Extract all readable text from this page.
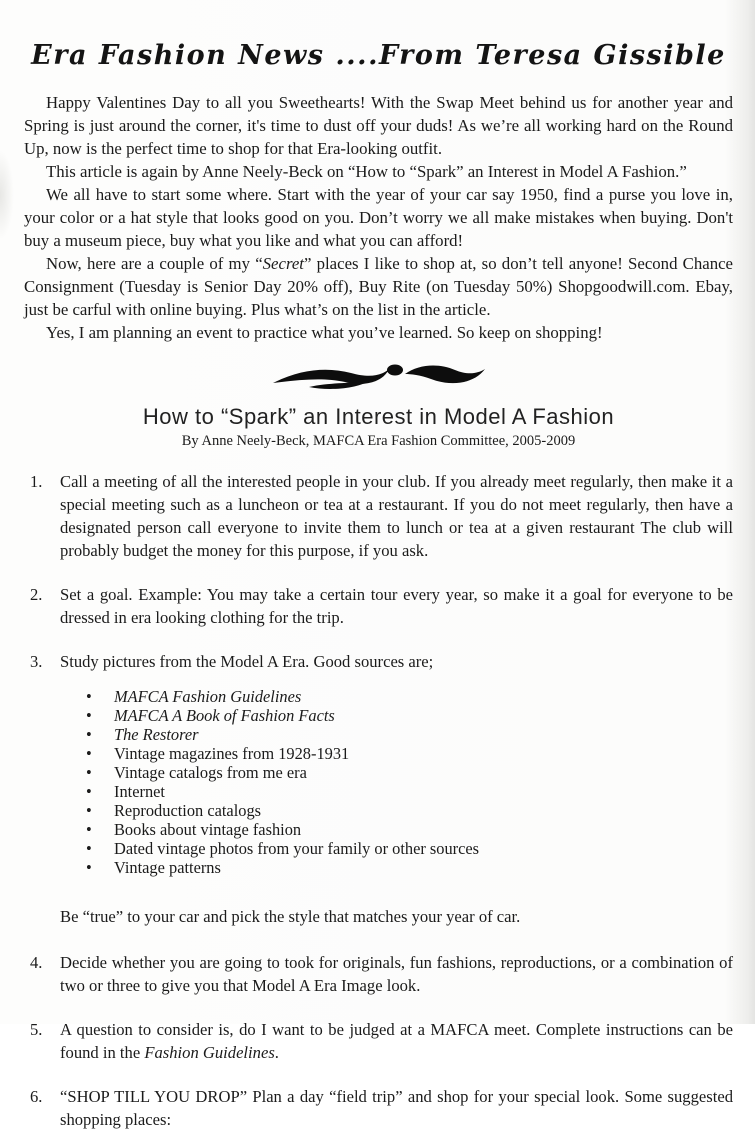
Era Fashion News ....From Teresa Gissible

Happy Valentines Day to all you Sweethearts! With the Swap Meet behind us for another year and Spring is just around the corner, it's time to dust off your duds! As we’re all working hard on the Round Up, now is the perfect time to shop for that Era-looking outfit.

This article is again by Anne Neely-Beck on “How to “Spark” an Interest in Model A Fashion.”

We all have to start some where. Start with the year of your car say 1950, find a purse you love in, your color or a hat style that looks good on you. Don’t worry we all make mistakes when buying. Don't buy a museum piece, buy what you like and what you can afford!

Now, here are a couple of my “Secret” places I like to shop at, so don’t tell anyone! Second Chance Consignment (Tuesday is Senior Day 20% off), Buy Rite (on Tuesday 50%) Shopgoodwill.com. Ebay, just be carful with online buying. Plus what’s on the list in the article.

Yes, I am planning an event to practice what you’ve learned. So keep on shopping!

How to “Spark” an Interest in Model A Fashion
By Anne Neely-Beck, MAFCA Era Fashion Committee, 2005-2009
1.	Call a meeting of all the interested people in your club. If you already meet regularly, then make it a special meeting such as a luncheon or tea at a restaurant. If you do not meet regularly, then have a designated person call everyone to invite them to lunch or tea at a given restaurant The club will probably budget the money for this purpose, if you ask.
2.	Set a goal. Example: You may take a certain tour every year, so make it a goal for everyone to be dressed in era looking clothing for the trip.
3.	Study pictures from the Model A Era. Good sources are;
•	MAFCA Fashion Guidelines
•	MAFCA A Book of Fashion Facts
•	The Restorer
•	Vintage magazines from 1928-1931
•	Vintage catalogs from me era
•	Internet
•	Reproduction catalogs
•	Books about vintage fashion
•	Dated vintage photos from your family or other sources
•	Vintage patterns
Be “true” to your car and pick the style that matches your year of car.
4.	Decide whether you are going to took for originals, fun fashions, reproductions, or a combination of two or three to give you that Model A Era Image look.
5.	A question to consider is, do I want to be judged at a MAFCA meet. Complete instructions can be found in the Fashion Guidelines.
6.	“SHOP TILL YOU DROP” Plan a day “field trip” and shop for your special look. Some suggested shopping places:
